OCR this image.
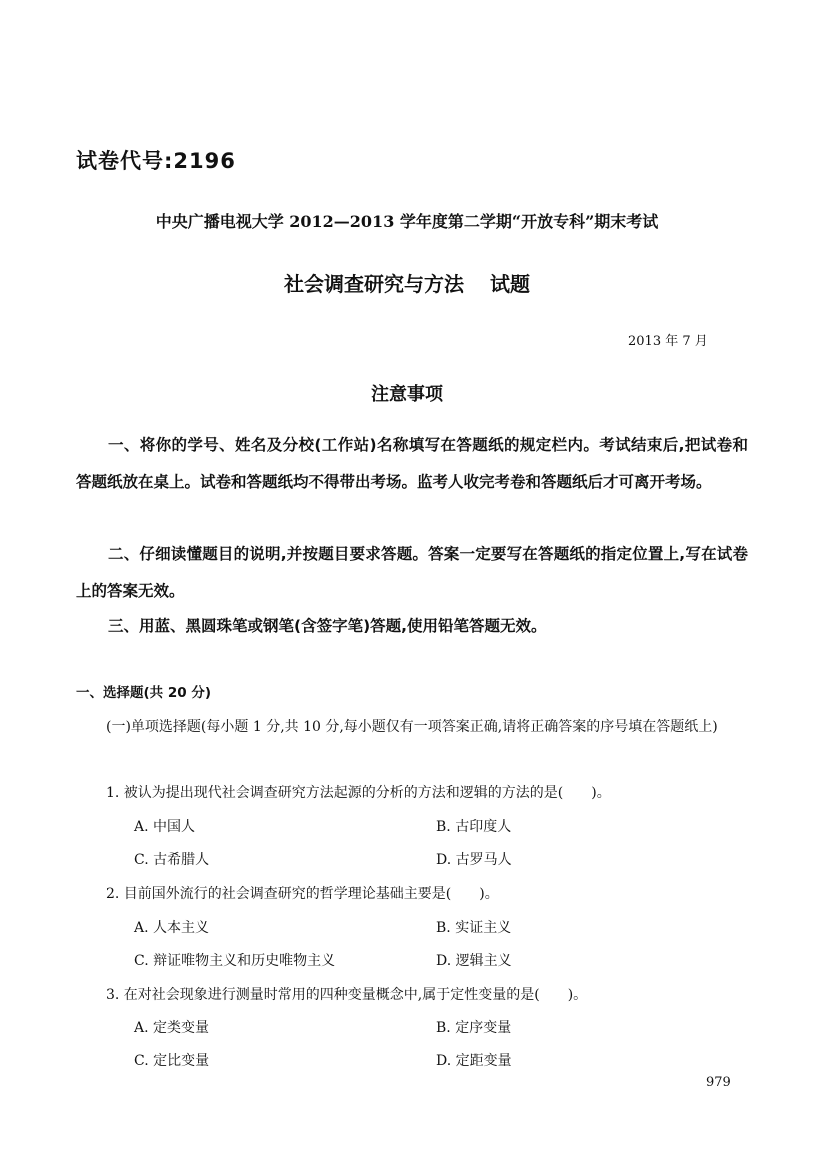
试卷代号:2196
中央广播电视大学 2012—2013 学年度第二学期“开放专科”期末考试
社会调查研究与方法 试题
2013 年 7 月
注意事项

一、将你的学号、姓名及分校(工作站)名称填写在答题纸的规定栏内。考试结束后,把试卷和答题纸放在桌上。试卷和答题纸均不得带出考场。监考人收完考卷和答题纸后才可离开考场。

二、仔细读懂题目的说明,并按题目要求答题。答案一定要写在答题纸的指定位置上,写在试卷上的答案无效。

三、用蓝、黑圆珠笔或钢笔(含签字笔)答题,使用铅笔答题无效。

一、选择题(共 20 分)
(一)单项选择题(每小题 1 分,共 10 分,每小题仅有一项答案正确,请将正确答案的序号填在答题纸上)
1. 被认为提出现代社会调查研究方法起源的分析的方法和逻辑的方法的是(　　)。
A. 中国人	B. 古印度人
C. 古希腊人	D. 古罗马人
2. 目前国外流行的社会调查研究的哲学理论基础主要是(　　)。
A. 人本主义	B. 实证主义
C. 辩证唯物主义和历史唯物主义	D. 逻辑主义
3. 在对社会现象进行测量时常用的四种变量概念中,属于定性变量的是(　　)。
A. 定类变量	B. 定序变量
C. 定比变量	D. 定距变量
979
